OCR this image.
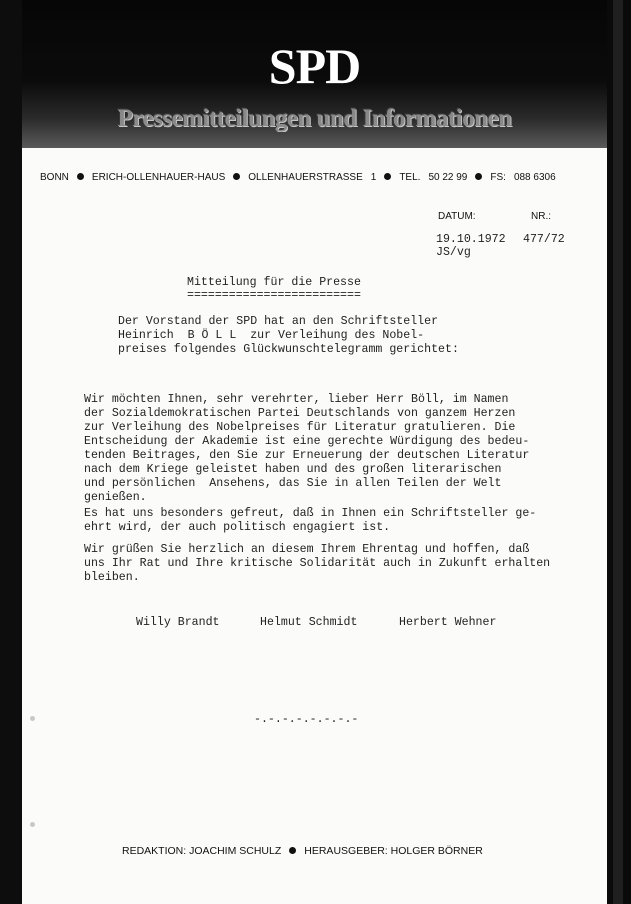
SPD
Pressemitteilungen und Informationen
BONN ERICH-OLLENHAUER-HAUS OLLENHAUERSTRASSE 1 TEL. 50 22 99 FS: 088 6306
DATUM:	NR.:
19.10.1972 477/72
JS/vg
Mitteilung für die Presse
=========================
Der Vorstand der SPD hat an den Schriftsteller
Heinrich  B Ö L L  zur Verleihung des Nobel-
preises folgendes Glückwunschtelegramm gerichtet:
Wir möchten Ihnen, sehr verehrter, lieber Herr Böll, im Namen
der Sozialdemokratischen Partei Deutschlands von ganzem Herzen
zur Verleihung des Nobelpreises für Literatur gratulieren. Die
Entscheidung der Akademie ist eine gerechte Würdigung des bedeu-
tenden Beitrages, den Sie zur Erneuerung der deutschen Literatur
nach dem Kriege geleistet haben und des großen literarischen
und persönlichen  Ansehens, das Sie in allen Teilen der Welt
genießen.
Es hat uns besonders gefreut, daß in Ihnen ein Schriftsteller ge-
ehrt wird, der auch politisch engagiert ist.
Wir grüßen Sie herzlich an diesem Ihrem Ehrentag und hoffen, daß
uns Ihr Rat und Ihre kritische Solidarität auch in Zukunft erhalten
bleiben.
Willy Brandt	Helmut Schmidt	Herbert Wehner
-.-.-.-.-.-.-.-
REDAKTION: JOACHIM SCHULZ HERAUSGEBER: HOLGER BÖRNER
